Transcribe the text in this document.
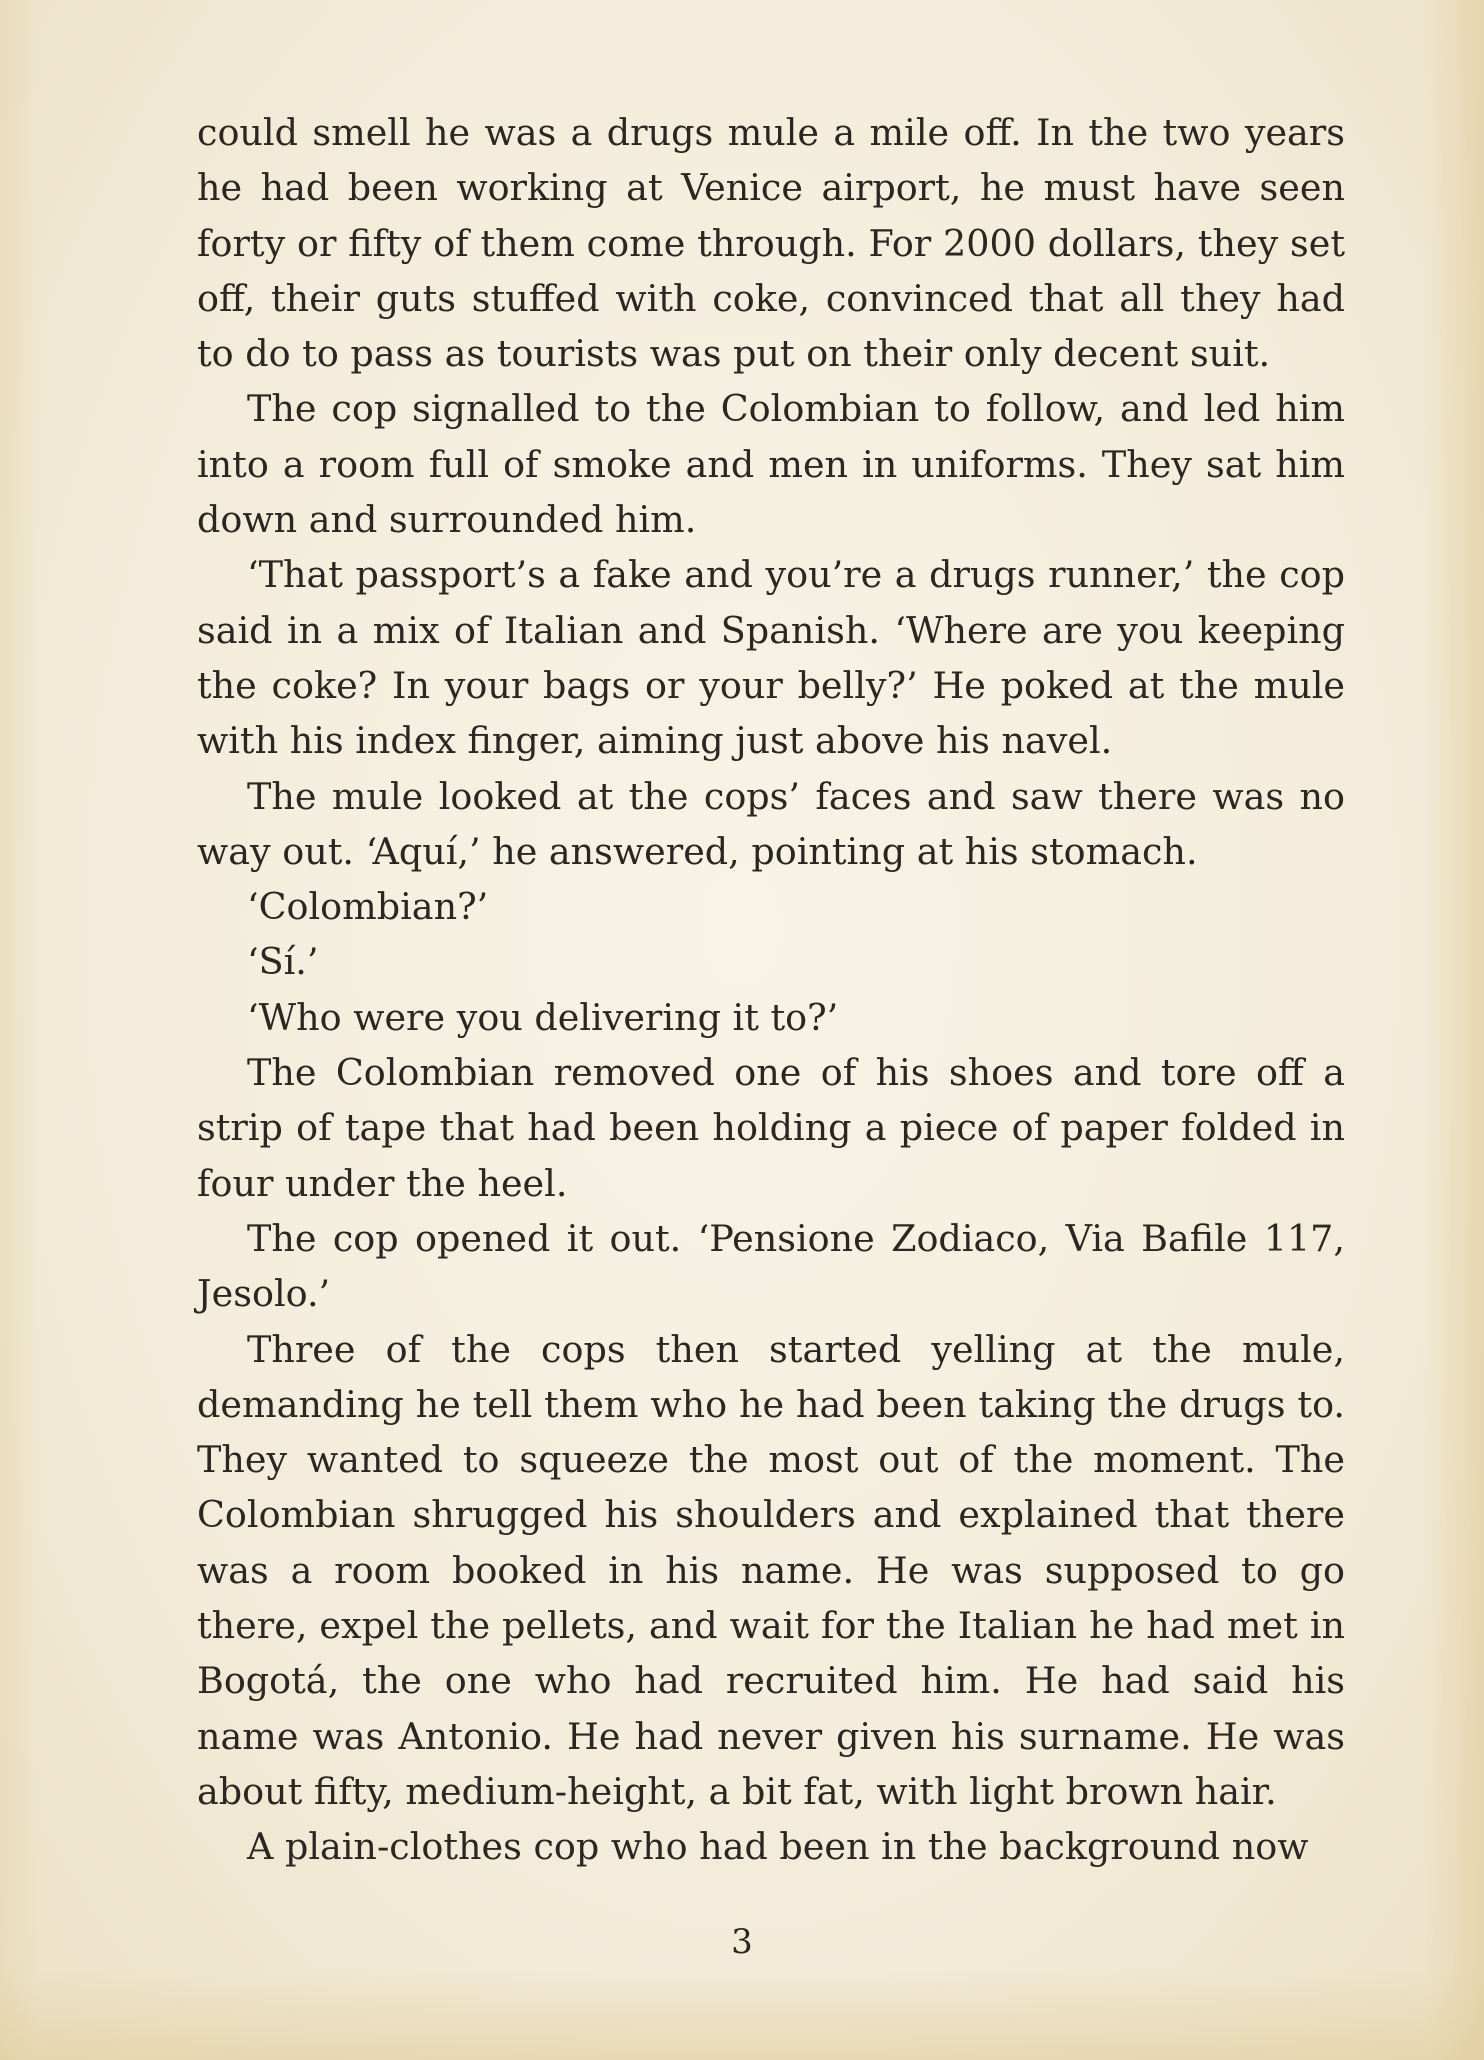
could smell he was a drugs mule a mile off. In the two years he had been working at Venice airport, he must have seen forty or fifty of them come through. For 2000 dollars, they set off, their guts stuffed with coke, convinced that all they had to do to pass as tourists was put on their only decent suit.

The cop signalled to the Colombian to follow, and led him into a room full of smoke and men in uniforms. They sat him down and surrounded him.

‘That passport’s a fake and you’re a drugs runner,’ the cop said in a mix of Italian and Spanish. ‘Where are you keeping the coke? In your bags or your belly?’ He poked at the mule with his index finger, aiming just above his navel.

The mule looked at the cops’ faces and saw there was no way out. ‘Aquí,’ he answered, pointing at his stomach.

‘Colombian?’

‘Sí.’

‘Who were you delivering it to?’

The Colombian removed one of his shoes and tore off a strip of tape that had been holding a piece of paper folded in four under the heel.

The cop opened it out. ‘Pensione Zodiaco, Via Bafile 117, Jesolo.’

Three of the cops then started yelling at the mule, demanding he tell them who he had been taking the drugs to. They wanted to squeeze the most out of the moment. The Colombian shrugged his shoulders and explained that there was a room booked in his name. He was supposed to go there, expel the pellets, and wait for the Italian he had met in Bogotá, the one who had recruited him. He had said his name was Antonio. He had never given his surname. He was about fifty, medium-height, a bit fat, with light brown hair.

A plain-clothes cop who had been in the background now

3
